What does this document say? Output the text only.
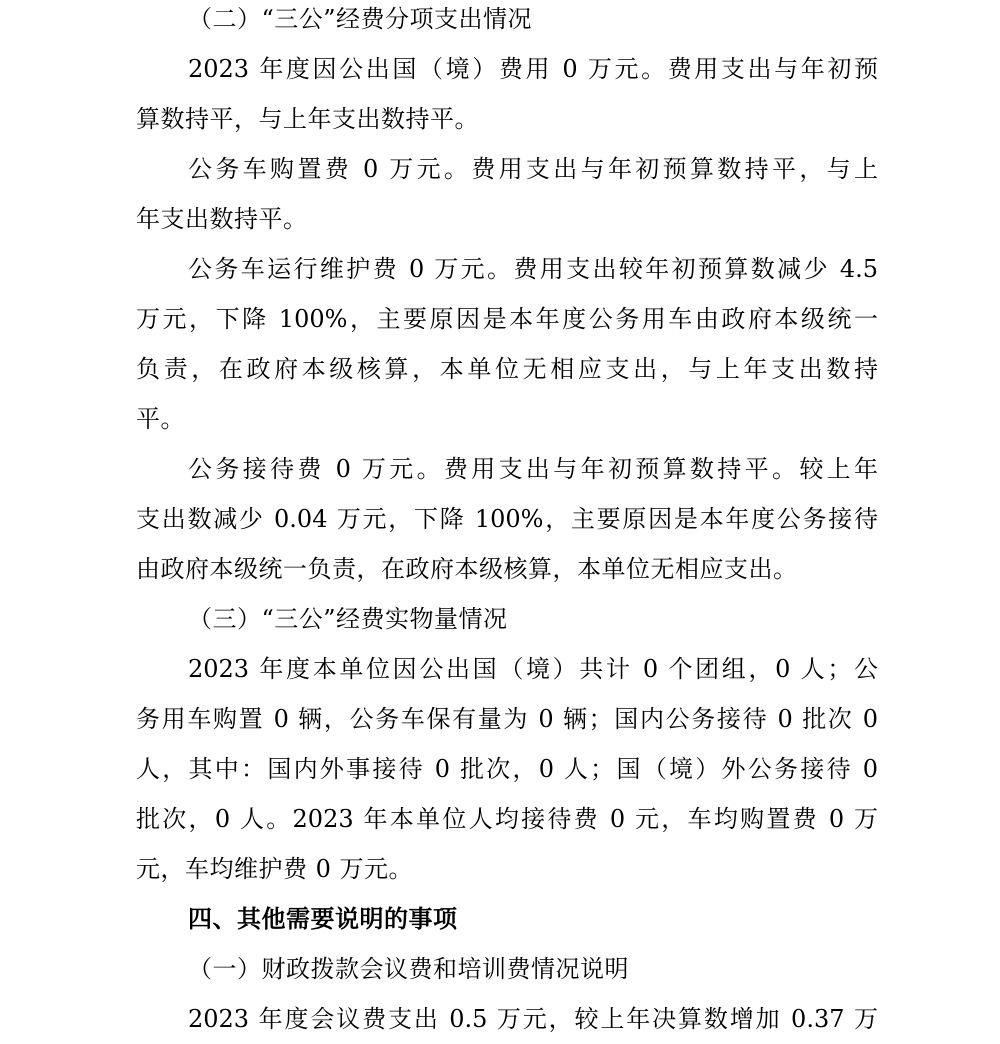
（二）“三公”经费分项支出情况
2023 年度因公出国（境）费用 0 万元。费用支出与年初预
算数持平，与上年支出数持平。
公务车购置费 0 万元。费用支出与年初预算数持平，与上
年支出数持平。
公务车运行维护费 0 万元。费用支出较年初预算数减少 4.5
万元，下降 100%，主要原因是本年度公务用车由政府本级统一
负责，在政府本级核算，本单位无相应支出，与上年支出数持
平。
公务接待费 0 万元。费用支出与年初预算数持平。较上年
支出数减少 0.04 万元，下降 100%，主要原因是本年度公务接待
由政府本级统一负责，在政府本级核算，本单位无相应支出。
（三）“三公”经费实物量情况
2023 年度本单位因公出国（境）共计 0 个团组，0 人；公
务用车购置 0 辆，公务车保有量为 0 辆；国内公务接待 0 批次 0
人，其中：国内外事接待 0 批次，0 人；国（境）外公务接待 0
批次，0 人。2023 年本单位人均接待费 0 元，车均购置费 0 万
元，车均维护费 0 万元。
四、其他需要说明的事项
（一）财政拨款会议费和培训费情况说明
2023 年度会议费支出 0.5 万元，较上年决算数增加 0.37 万
